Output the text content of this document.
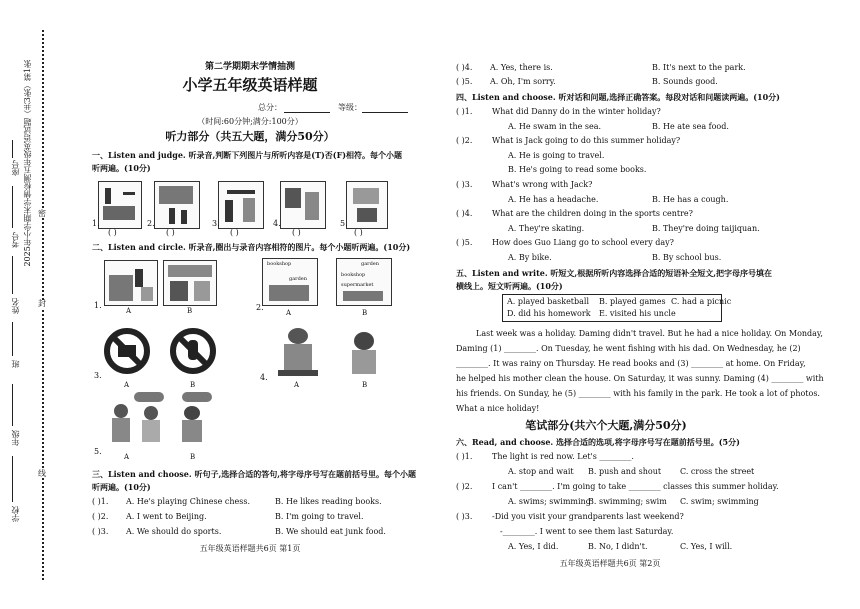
2025年小学期末学情检测五年级英语试题（共3张）第1张
座号
考号
姓名
班
年级
学校
密
封
线
第二学期期末学情抽测
小学五年级英语样题
总分：	等级：
（时间:60分钟;满分:100分）
听力部分（共五大题，满分50分）
一、Listen and judge. 听录音,判断下列图片与所听内容是(T)否(F)相符。每个小题
听两遍。(10分)
1.	2.	3.	4.	5.
( )	( )	( )	( )	( )
二、Listen and circle. 听录音,圈出与录音内容相符的图片。每个小题听两遍。(10分)
1.
A	B
bookshop
garden
garden
bookshop
supermarket
2.
A	B
3.
A	B
4.
A	B
5.
A	B
三、Listen and choose. 听句子,选择合适的答句,将字母序号写在题前括号里。每个小题
听两遍。(10分)
( )1. A. He's playing Chinese chess.	B. He likes reading books.
( )2. A. I went to Beijing.	B. I'm going to travel.
( )3. A. We should do sports.	B. We should eat junk food.
五年级英语样题共6页 第1页
( )4. A. Yes, there is.	B. It's next to the park.
( )5. A. Oh, I'm sorry.	B. Sounds good.
四、Listen and choose. 听对话和问题,选择正确答案。每段对话和问题读两遍。(10分)
( )1. What did Danny do in the winter holiday?
A. He swam in the sea.	B. He ate sea food.
( )2. What is Jack going to do this summer holiday?
A. He is going to travel.
B. He's going to read some books.
( )3. What's wrong with Jack?
A. He has a headache.	B. He has a cough.
( )4. What are the children doing in the sports centre?
A. They're skating.	B. They're doing taijiquan.
( )5. How does Guo Liang go to school every day?
A. By bike.	B. By school bus.
五、Listen and write. 听短文,根据所听内容选择合适的短语补全短文,把字母序号填在
横线上。短文听两遍。(10分)
A. played basketball B. played games C. had a picnic
D. did his homework E. visited his uncle
Last week was a holiday. Daming didn't travel. But he had a nice holiday. On Monday,
Daming (1) ________. On Tuesday, he went fishing with his dad. On Wednesday, he (2)
________. It was rainy on Thursday. He read books and (3) ________ at home. On Friday,
he helped his mother clean the house. On Saturday, it was sunny. Daming (4) ________ with
his friends. On Sunday, he (5) ________ with his family in the park. He took a lot of photos.
What a nice holiday!
笔试部分(共六个大题,满分50分)
六、Read, and choose. 选择合适的选项,将字母序号写在题前括号里。(5分)
( )1. The light is red now. Let's ________.
A. stop and wait B. push and shout C. cross the street
( )2. I can't ________. I'm going to take ________ classes this summer holiday.
A. swims; swimming
B. swimming; swim C. swim; swimming
( )3. -Did you visit your grandparents last weekend?
-________. I went to see them last Saturday.
A. Yes, I did.	B. No, I didn't.	C. Yes, I will.
五年级英语样题共6页 第2页
